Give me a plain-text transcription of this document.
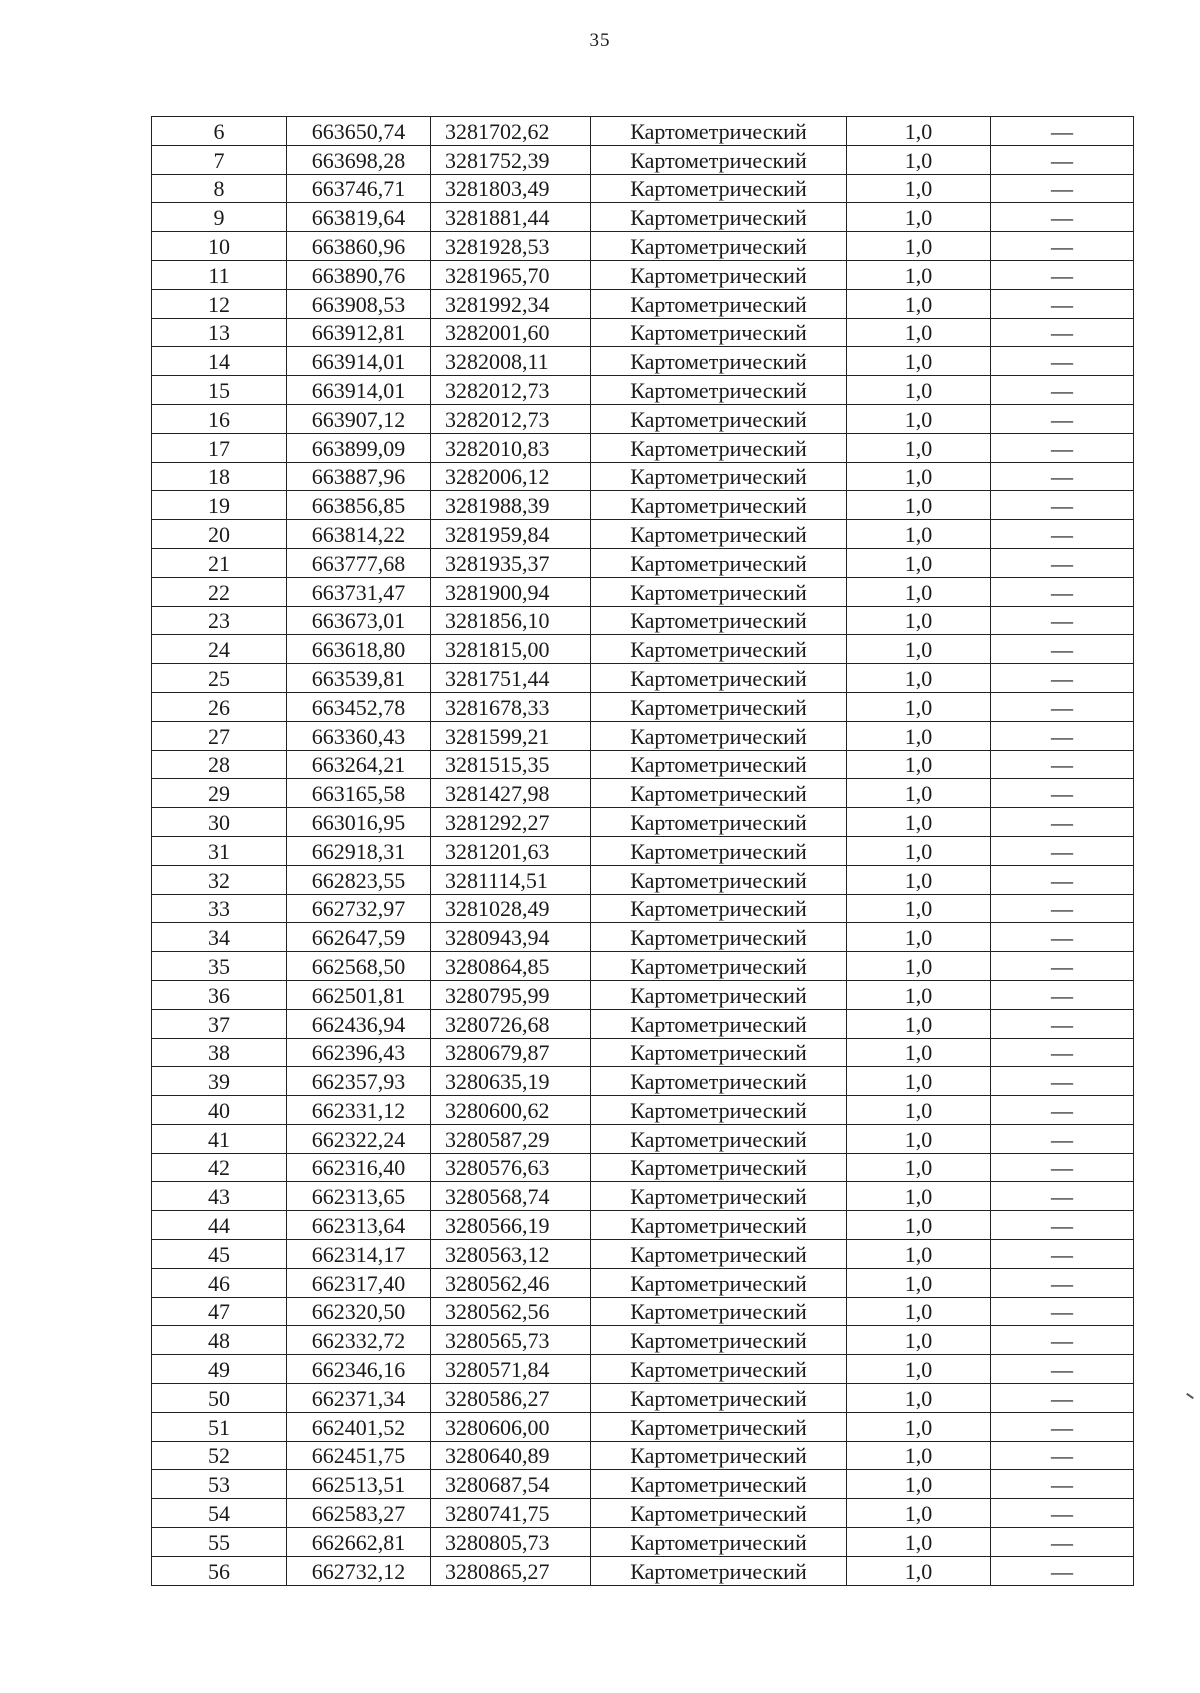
35
6	663650,74	3281702,62	Картометрический	1,0	—
7	663698,28	3281752,39	Картометрический	1,0	—
8	663746,71	3281803,49	Картометрический	1,0	—
9	663819,64	3281881,44	Картометрический	1,0	—
10	663860,96	3281928,53	Картометрический	1,0	—
11	663890,76	3281965,70	Картометрический	1,0	—
12	663908,53	3281992,34	Картометрический	1,0	—
13	663912,81	3282001,60	Картометрический	1,0	—
14	663914,01	3282008,11	Картометрический	1,0	—
15	663914,01	3282012,73	Картометрический	1,0	—
16	663907,12	3282012,73	Картометрический	1,0	—
17	663899,09	3282010,83	Картометрический	1,0	—
18	663887,96	3282006,12	Картометрический	1,0	—
19	663856,85	3281988,39	Картометрический	1,0	—
20	663814,22	3281959,84	Картометрический	1,0	—
21	663777,68	3281935,37	Картометрический	1,0	—
22	663731,47	3281900,94	Картометрический	1,0	—
23	663673,01	3281856,10	Картометрический	1,0	—
24	663618,80	3281815,00	Картометрический	1,0	—
25	663539,81	3281751,44	Картометрический	1,0	—
26	663452,78	3281678,33	Картометрический	1,0	—
27	663360,43	3281599,21	Картометрический	1,0	—
28	663264,21	3281515,35	Картометрический	1,0	—
29	663165,58	3281427,98	Картометрический	1,0	—
30	663016,95	3281292,27	Картометрический	1,0	—
31	662918,31	3281201,63	Картометрический	1,0	—
32	662823,55	3281114,51	Картометрический	1,0	—
33	662732,97	3281028,49	Картометрический	1,0	—
34	662647,59	3280943,94	Картометрический	1,0	—
35	662568,50	3280864,85	Картометрический	1,0	—
36	662501,81	3280795,99	Картометрический	1,0	—
37	662436,94	3280726,68	Картометрический	1,0	—
38	662396,43	3280679,87	Картометрический	1,0	—
39	662357,93	3280635,19	Картометрический	1,0	—
40	662331,12	3280600,62	Картометрический	1,0	—
41	662322,24	3280587,29	Картометрический	1,0	—
42	662316,40	3280576,63	Картометрический	1,0	—
43	662313,65	3280568,74	Картометрический	1,0	—
44	662313,64	3280566,19	Картометрический	1,0	—
45	662314,17	3280563,12	Картометрический	1,0	—
46	662317,40	3280562,46	Картометрический	1,0	—
47	662320,50	3280562,56	Картометрический	1,0	—
48	662332,72	3280565,73	Картометрический	1,0	—
49	662346,16	3280571,84	Картометрический	1,0	—
50	662371,34	3280586,27	Картометрический	1,0	—
51	662401,52	3280606,00	Картометрический	1,0	—
52	662451,75	3280640,89	Картометрический	1,0	—
53	662513,51	3280687,54	Картометрический	1,0	—
54	662583,27	3280741,75	Картометрический	1,0	—
55	662662,81	3280805,73	Картометрический	1,0	—
56	662732,12	3280865,27	Картометрический	1,0	—
